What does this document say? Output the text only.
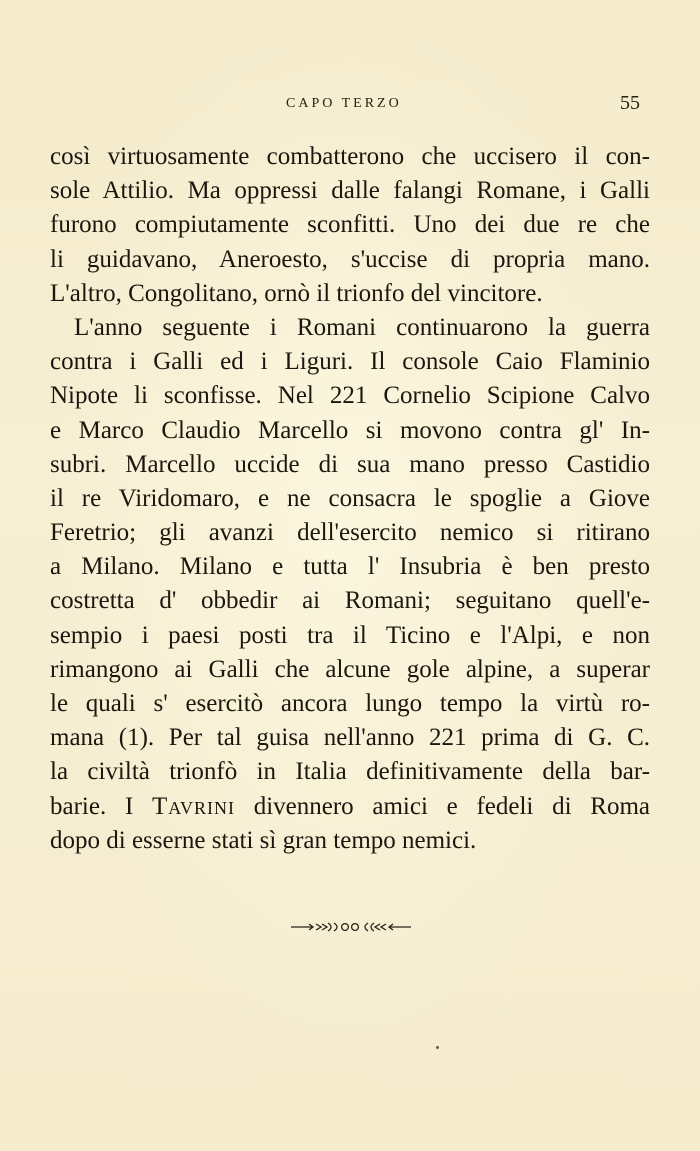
CAPO TERZO	55
così virtuosamente combatterono che uccisero il con-
sole Attilio. Ma oppressi dalle falangi Romane, i Galli
furono compiutamente sconfitti. Uno dei due re che
li guidavano, Aneroesto, s'uccise di propria mano.
L'altro, Congolitano, ornò il trionfo del vincitore.
L'anno seguente i Romani continuarono la guerra
contra i Galli ed i Liguri. Il console Caio Flaminio
Nipote li sconfisse. Nel 221 Cornelio Scipione Calvo
e Marco Claudio Marcello si movono contra gl' In-
subri. Marcello uccide di sua mano presso Castidio
il re Viridomaro, e ne consacra le spoglie a Giove
Feretrio; gli avanzi dell'esercito nemico si ritirano
a Milano. Milano e tutta l' Insubria è ben presto
costretta d' obbedir ai Romani; seguitano quell'e-
sempio i paesi posti tra il Ticino e l'Alpi, e non
rimangono ai Galli che alcune gole alpine, a superar
le quali s' esercitò ancora lungo tempo la virtù ro-
mana (1). Per tal guisa nell'anno 221 prima di G. C.
la civiltà trionfò in Italia definitivamente della bar-
barie. I Tavrini divennero amici e fedeli di Roma
dopo di esserne stati sì gran tempo nemici.
